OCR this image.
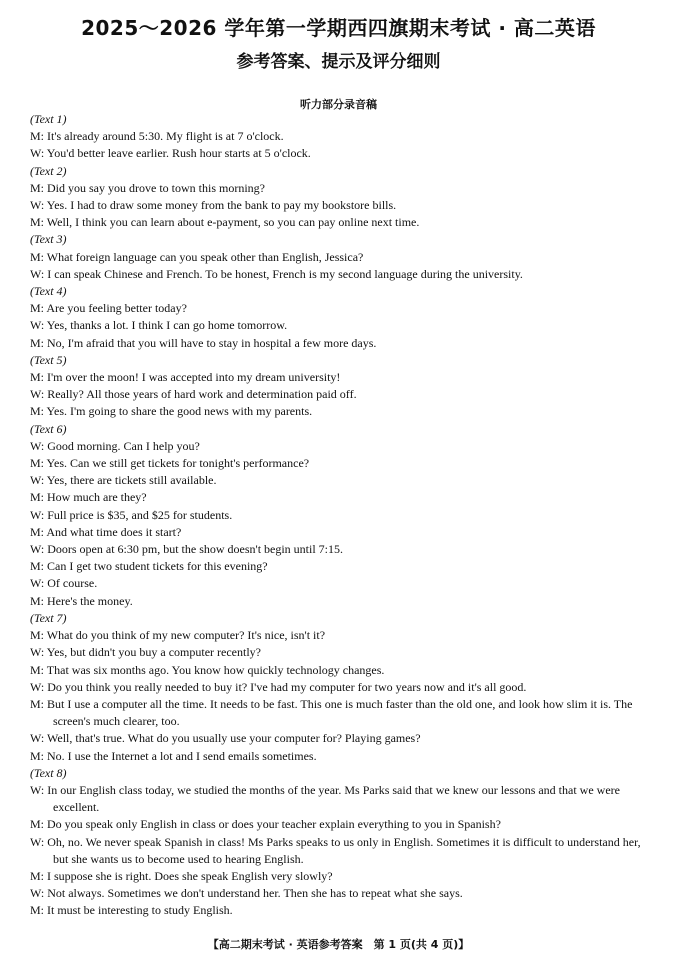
2025～2026 学年第一学期西四旗期末考试 · 高二英语
参考答案、提示及评分细则
听力部分录音稿
(Text 1)
M: It's already around 5:30. My flight is at 7 o'clock.
W: You'd better leave earlier. Rush hour starts at 5 o'clock.
(Text 2)
M: Did you say you drove to town this morning?
W: Yes. I had to draw some money from the bank to pay my bookstore bills.
M: Well, I think you can learn about e-payment, so you can pay online next time.
(Text 3)
M: What foreign language can you speak other than English, Jessica?
W: I can speak Chinese and French. To be honest, French is my second language during the university.
(Text 4)
M: Are you feeling better today?
W: Yes, thanks a lot. I think I can go home tomorrow.
M: No, I'm afraid that you will have to stay in hospital a few more days.
(Text 5)
M: I'm over the moon! I was accepted into my dream university!
W: Really? All those years of hard work and determination paid off.
M: Yes. I'm going to share the good news with my parents.
(Text 6)
W: Good morning. Can I help you?
M: Yes. Can we still get tickets for tonight's performance?
W: Yes, there are tickets still available.
M: How much are they?
W: Full price is $35, and $25 for students.
M: And what time does it start?
W: Doors open at 6:30 pm, but the show doesn't begin until 7:15.
M: Can I get two student tickets for this evening?
W: Of course.
M: Here's the money.
(Text 7)
M: What do you think of my new computer? It's nice, isn't it?
W: Yes, but didn't you buy a computer recently?
M: That was six months ago. You know how quickly technology changes.
W: Do you think you really needed to buy it? I've had my computer for two years now and it's all good.
M: But I use a computer all the time. It needs to be fast. This one is much faster than the old one, and look how slim it is. The screen's much clearer, too.
W: Well, that's true. What do you usually use your computer for? Playing games?
M: No. I use the Internet a lot and I send emails sometimes.
(Text 8)
W: In our English class today, we studied the months of the year. Ms Parks said that we knew our lessons and that we were excellent.
M: Do you speak only English in class or does your teacher explain everything to you in Spanish?
W: Oh, no. We never speak Spanish in class! Ms Parks speaks to us only in English. Sometimes it is difficult to understand her, but she wants us to become used to hearing English.
M: I suppose she is right. Does she speak English very slowly?
W: Not always. Sometimes we don't understand her. Then she has to repeat what she says.
M: It must be interesting to study English.
【高二期末考试 · 英语参考答案　第 1 页(共 4 页)】
